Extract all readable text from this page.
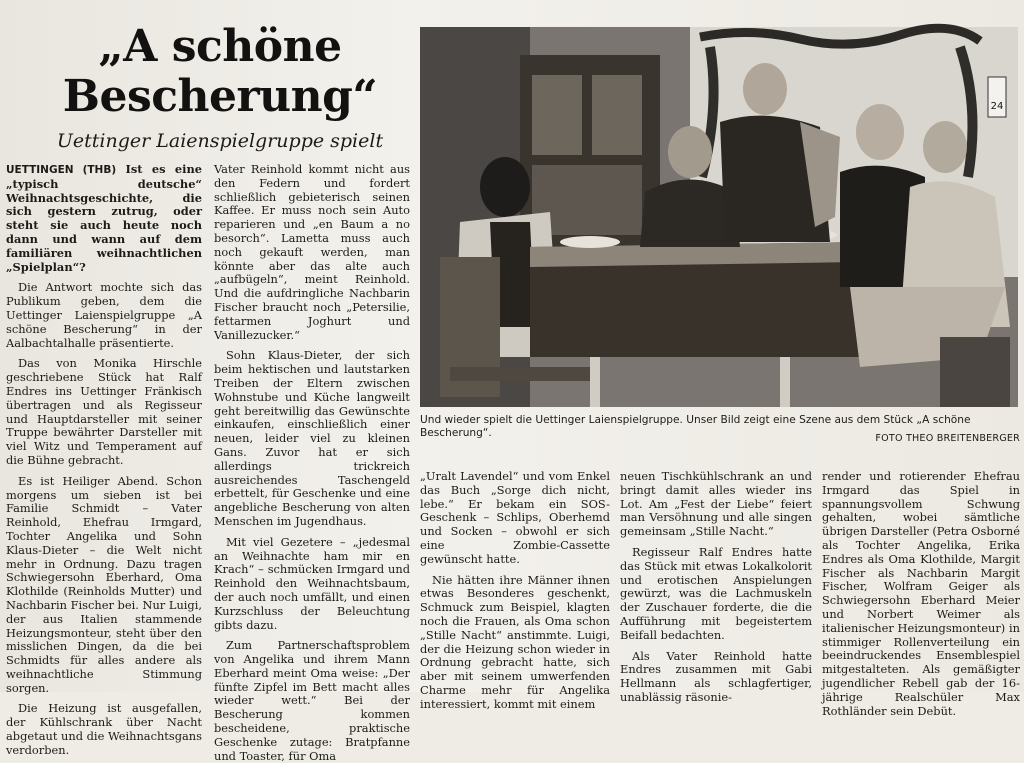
„A schöne
Bescherung“
Uettinger Laienspielgruppe spielt

UETTINGEN (THB) Ist es eine „typisch deutsche“ Weihnachtsgeschichte, die sich gestern zutrug, oder steht sie auch heute noch dann und wann auf dem familiären weihnachtlichen „Spielplan“?

Die Antwort mochte sich das Publikum geben, dem die Uettinger Laienspielgruppe „A schöne Bescherung“ in der Aalbachtalhalle präsentierte.

Das von Monika Hirschle geschriebene Stück hat Ralf Endres ins Uettinger Fränkisch übertragen und als Regisseur und Hauptdarsteller mit seiner Truppe bewährter Darsteller mit viel Witz und Temperament auf die Bühne gebracht.

Es ist Heiliger Abend. Schon morgens um sieben ist bei Familie Schmidt – Vater Reinhold, Ehefrau Irmgard, Tochter Angelika und Sohn Klaus-Dieter – die Welt nicht mehr in Ordnung. Dazu tragen Schwiegersohn Eberhard, Oma Klothilde (Reinholds Mutter) und Nachbarin Fischer bei. Nur Luigi, der aus Italien stammende Heizungsmonteur, steht über den misslichen Dingen, da die bei Schmidts für alles andere als weihnachtliche Stimmung sorgen.

Die Heizung ist ausgefallen, der Kühlschrank über Nacht abgetaut und die Weihnachtsgans verdorben.

Vater Reinhold kommt nicht aus den Federn und fordert schließlich gebieterisch seinen Kaffee. Er muss noch sein Auto reparieren und „en Baum a no besorch“. Lametta muss auch noch gekauft werden, man könnte aber das alte auch „aufbügeln“, meint Reinhold. Und die aufdringliche Nachbarin Fischer braucht noch „Petersilie, fettarmen Joghurt und Vanillezucker.“

Sohn Klaus-Dieter, der sich beim hektischen und lautstarken Treiben der Eltern zwischen Wohnstube und Küche langweilt geht bereitwillig das Gewünschte einkaufen, einschließlich einer neuen, leider viel zu kleinen Gans. Zuvor hat er sich allerdings trickreich ausreichendes Taschengeld erbettelt, für Geschenke und eine angebliche Bescherung von alten Menschen im Jugendhaus.

Mit viel Gezetere – „jedesmal an Weihnachte ham mir en Krach“ – schmücken Irmgard und Reinhold den Weihnachtsbaum, der auch noch umfällt, und einen Kurzschluss der Beleuchtung gibts dazu.

Zum Partnerschaftsproblem von Angelika und ihrem Mann Eberhard meint Oma weise: „Der fünfte Zipfel im Bett macht alles wieder wett.“ Bei der Bescherung kommen bescheidene, praktische Geschenke zutage: Bratpfanne und Toaster, für Oma

24
Und wieder spielt die Uettinger Laienspielgruppe. Unser Bild zeigt eine Szene aus dem Stück „A schöne Bescherung“.	FOTO THEO BREITENBERGER

„Uralt Lavendel“ und vom Enkel das Buch „Sorge dich nicht, lebe.“ Er bekam ein SOS-Geschenk – Schlips, Oberhemd und Socken – obwohl er sich eine Zombie-Cassette gewünscht hatte.

Nie hätten ihre Männer ihnen etwas Besonderes geschenkt, Schmuck zum Beispiel, klagten noch die Frauen, als Oma schon „Stille Nacht“ anstimmte. Luigi, der die Heizung schon wieder in Ordnung gebracht hatte, sich aber mit seinem umwerfenden Charme mehr für Angelika interessiert, kommt mit einem

neuen Tischkühlschrank an und bringt damit alles wieder ins Lot. Am „Fest der Liebe“ feiert man Versöhnung und alle singen gemeinsam „Stille Nacht.“

Regisseur Ralf Endres hatte das Stück mit etwas Lokalkolorit und erotischen Anspielungen gewürzt, was die Lachmuskeln der Zuschauer forderte, die die Aufführung mit begeistertem Beifall bedachten.

Als Vater Reinhold hatte Endres zusammen mit Gabi Hellmann als schlagfertiger, unablässig räsonie-

render und rotierender Ehefrau Irmgard das Spiel in spannungsvollem Schwung gehalten, wobei sämtliche übrigen Darsteller (Petra Osborné als Tochter Angelika, Erika Endres als Oma Klothilde, Margit Fischer als Nachbarin Margit Fischer, Wolfram Geiger als Schwiegersohn Eberhard Meier und Norbert Weimer als italienischer Heizungsmonteur) in stimmiger Rollenverteilung ein beeindruckendes Ensemblespiel mitgestalteten. Als gemäßigter jugendlicher Rebell gab der 16-jährige Realschüler Max Rothländer sein Debüt.
